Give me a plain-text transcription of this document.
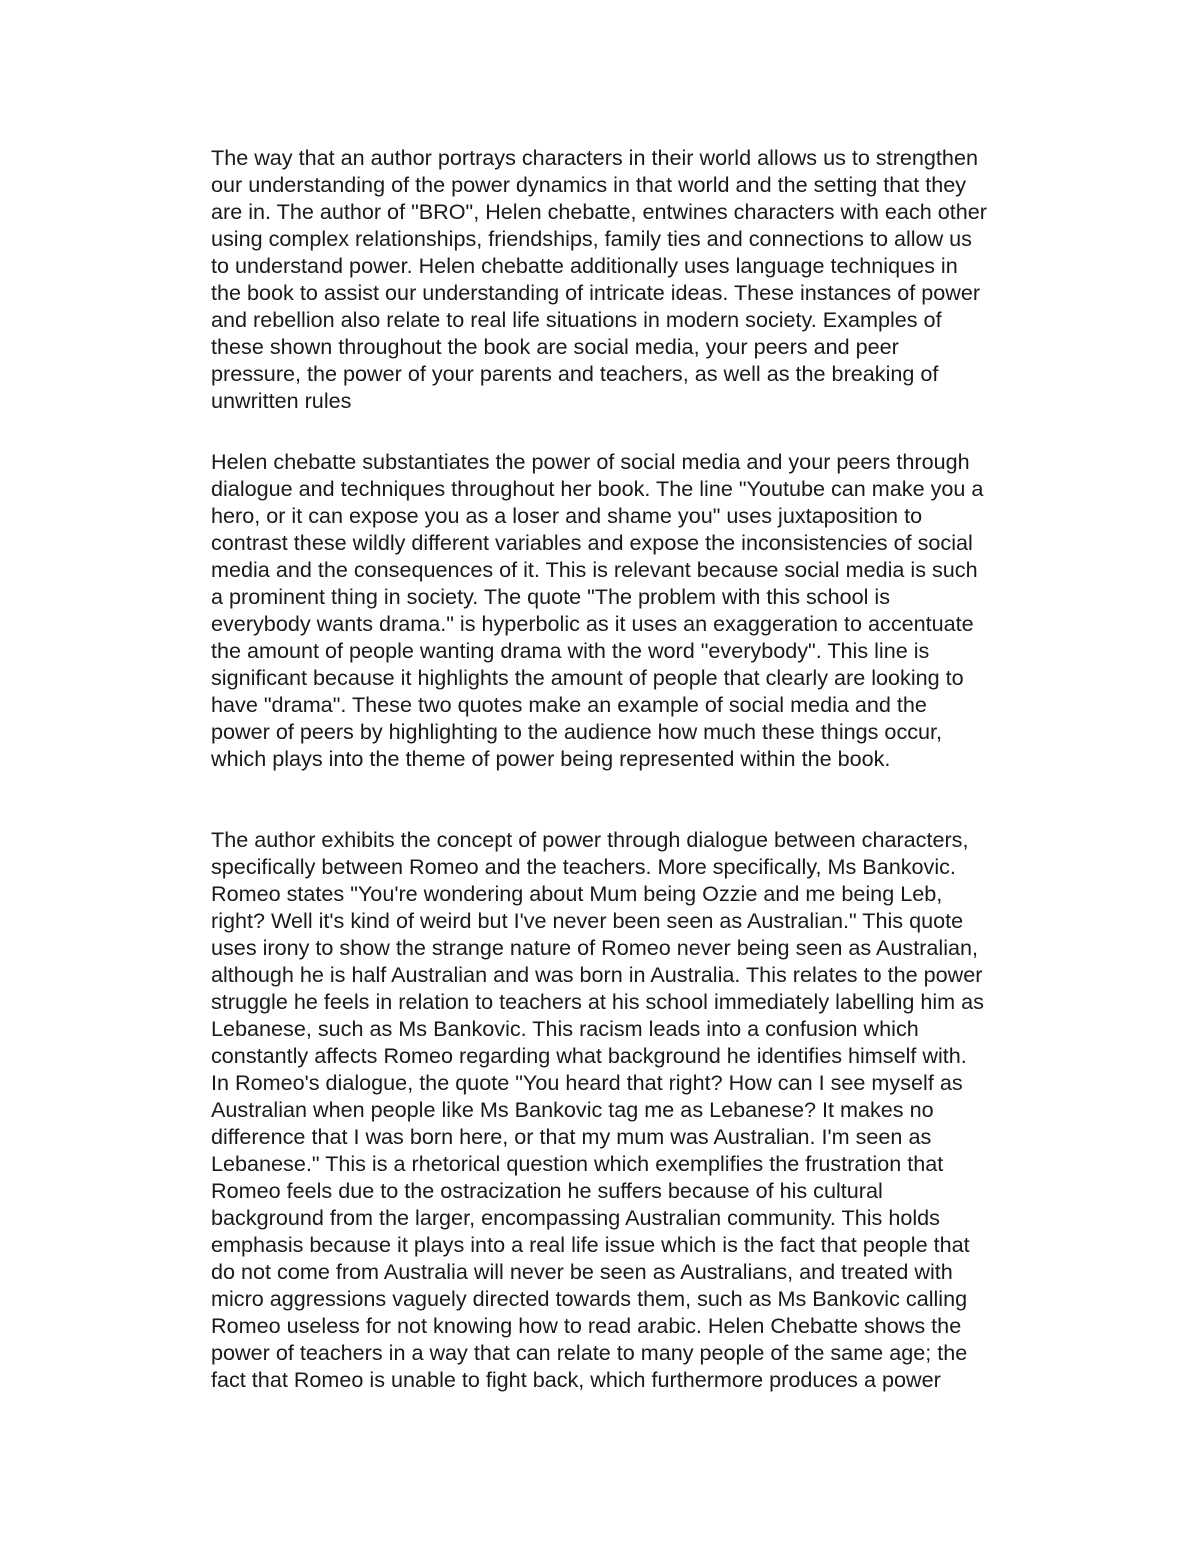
The way that an author portrays characters in their world allows us to strengthen
our understanding of the power dynamics in that world and the setting that they
are in. The author of "BRO", Helen chebatte, entwines characters with each other
using complex relationships, friendships, family ties and connections to allow us
to understand power. Helen chebatte additionally uses language techniques in
the book to assist our understanding of intricate ideas. These instances of power
and rebellion also relate to real life situations in modern society. Examples of
these shown throughout the book are social media, your peers and peer
pressure, the power of your parents and teachers, as well as the breaking of
unwritten rules
Helen chebatte substantiates the power of social media and your peers through
dialogue and techniques throughout her book. The line "Youtube can make you a
hero, or it can expose you as a loser and shame you" uses juxtaposition to
contrast these wildly different variables and expose the inconsistencies of social
media and the consequences of it. This is relevant because social media is such
a prominent thing in society. The quote "The problem with this school is
everybody wants drama." is hyperbolic as it uses an exaggeration to accentuate
the amount of people wanting drama with the word "everybody". This line is
significant because it highlights the amount of people that clearly are looking to
have "drama". These two quotes make an example of social media and the
power of peers by highlighting to the audience how much these things occur,
which plays into the theme of power being represented within the book.
The author exhibits the concept of power through dialogue between characters,
specifically between Romeo and the teachers. More specifically, Ms Bankovic.
Romeo states "You're wondering about Mum being Ozzie and me being Leb,
right? Well it's kind of weird but I've never been seen as Australian." This quote
uses irony to show the strange nature of Romeo never being seen as Australian,
although he is half Australian and was born in Australia. This relates to the power
struggle he feels in relation to teachers at his school immediately labelling him as
Lebanese, such as Ms Bankovic. This racism leads into a confusion which
constantly affects Romeo regarding what background he identifies himself with.
In Romeo's dialogue, the quote "You heard that right? How can I see myself as
Australian when people like Ms Bankovic tag me as Lebanese? It makes no
difference that I was born here, or that my mum was Australian. I'm seen as
Lebanese." This is a rhetorical question which exemplifies the frustration that
Romeo feels due to the ostracization he suffers because of his cultural
background from the larger, encompassing Australian community. This holds
emphasis because it plays into a real life issue which is the fact that people that
do not come from Australia will never be seen as Australians, and treated with
micro aggressions vaguely directed towards them, such as Ms Bankovic calling
Romeo useless for not knowing how to read arabic. Helen Chebatte shows the
power of teachers in a way that can relate to many people of the same age; the
fact that Romeo is unable to fight back, which furthermore produces a power
